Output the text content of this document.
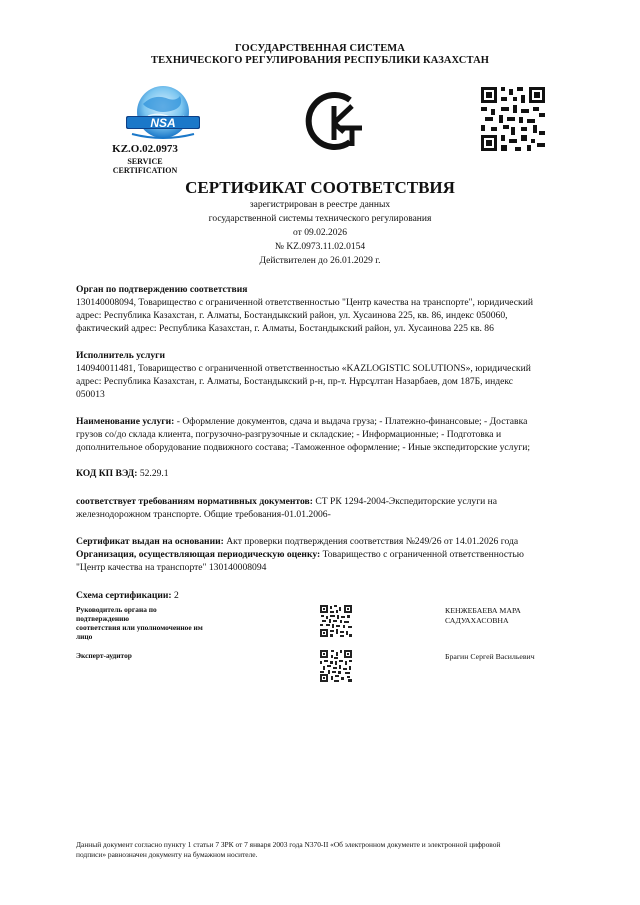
ГОСУДАРСТВЕННАЯ СИСТЕМА
ТЕХНИЧЕСКОГО РЕГУЛИРОВАНИЯ РЕСПУБЛИКИ КАЗАХСТАН
NSA
KZ.O.02.0973
SERVICE
CERTIFICATION
СТ
СЕРТИФИКАТ СООТВЕТСТВИЯ
зарегистрирован в реестре данных
государственной системы технического регулирования
от 09.02.2026
№ KZ.0973.11.02.0154
Действителен до 26.01.2029 г.
Орган по подтверждению соответствия
130140008094, Товарищество с ограниченной ответственностью "Центр качества на транспорте", юридический
адрес: Республика Казахстан, г. Алматы, Бостандыкский район, ул. Хусаинова 225, кв. 86, индекс 050060,
фактический адрес: Республика Казахстан, г. Алматы, Бостандыкский район, ул. Хусаинова 225 кв. 86
Исполнитель услуги
140940011481, Товарищество с ограниченной ответственностью «KAZLOGISTIC SOLUTIONS», юридический
адрес: Республика Казахстан, г. Алматы, Бостандыкский р-н, пр-т. Нұрсұлтан Назарбаев, дом 187Б, индекс
050013
Наименование услуги: - Оформление документов, сдача и выдача груза; - Платежно-финансовые; - Доставка
грузов со/до склада клиента, погрузочно-разгрузочные и складские; - Информационные; - Подготовка и
дополнительное оборудование подвижного состава; -Таможенное оформление; - Иные экспедиторские услуги;
КОД КП ВЭД: 52.29.1
соответствует требованиям нормативных документов: СТ РК 1294-2004-Экспедиторские услуги на
железнодорожном транспорте. Общие требования-01.01.2006-
Сертификат выдан на основании: Акт проверки подтверждения соответствия №249/26 от 14.01.2026 года
Организация, осуществляющая периодическую оценку: Товарищество с ограниченной ответственностью
"Центр качества на транспорте" 130140008094
Схема сертификации: 2
Руководитель органа по
подтверждению
соответствия или уполномоченное им
лицо
КЕНЖЕБАЕВА МАРА
САДУАХАСОВНА
Эксперт-аудитор	Брагин Сергей Васильевич
Данный документ согласно пункту 1 статьи 7 ЗРК от 7 января 2003 года N370-II «Об электронном документе и электронной цифровой
подписи» равнозначен документу на бумажном носителе.
